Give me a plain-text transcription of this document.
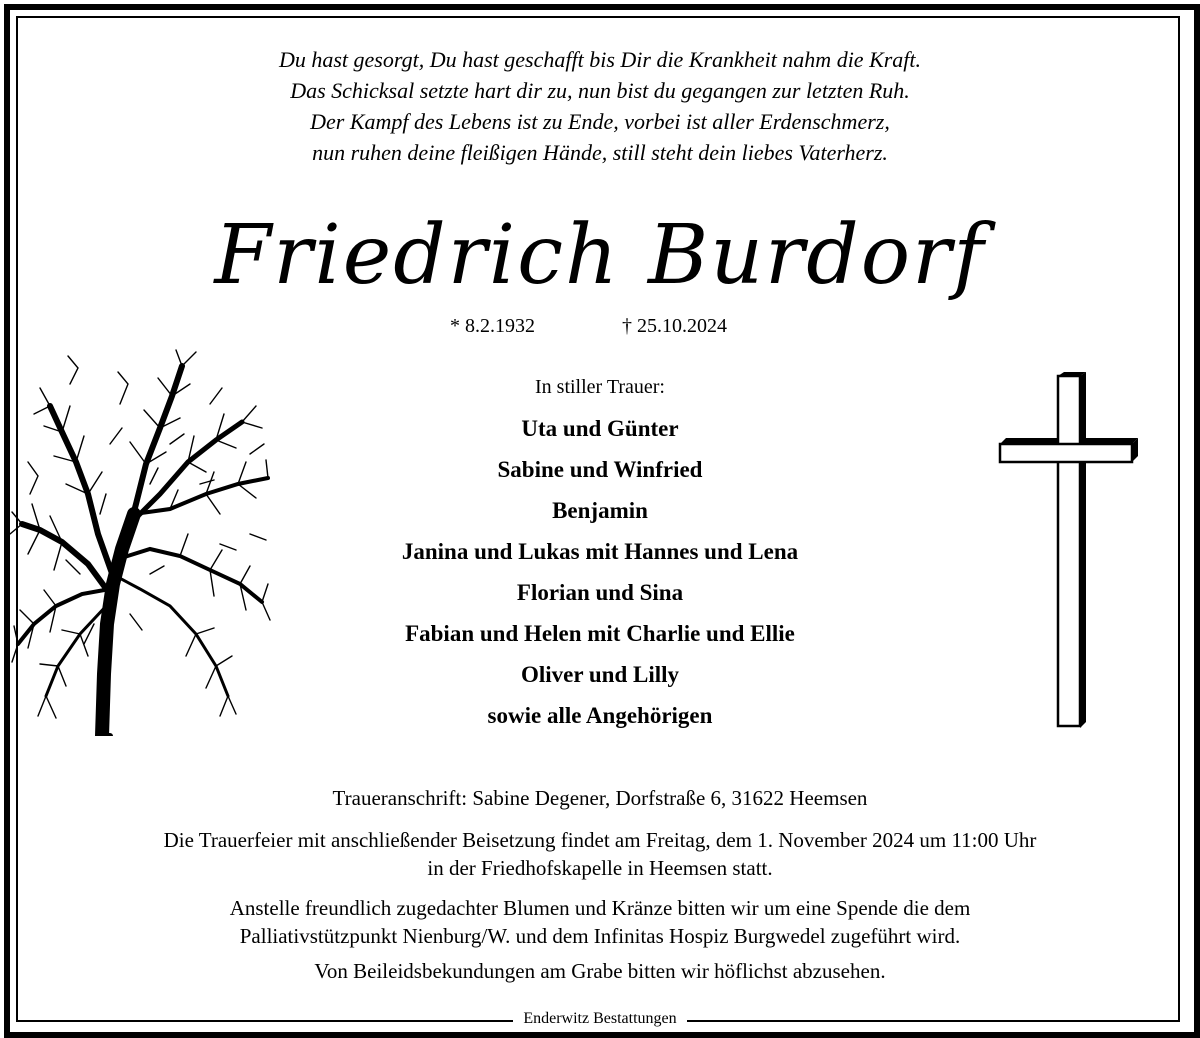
Du hast gesorgt, Du hast geschafft bis Dir die Krankheit nahm die Kraft.
Das Schicksal setzte hart dir zu, nun bist du gegangen zur letzten Ruh.
Der Kampf des Lebens ist zu Ende, vorbei ist aller Erdenschmerz,
nun ruhen deine fleißigen Hände, still steht dein liebes Vaterherz.
Friedrich Burdorf
* 8.2.1932	† 25.10.2024
In stiller Trauer:
Uta und Günter
Sabine und Winfried
Benjamin
Janina und Lukas mit Hannes und Lena
Florian und Sina
Fabian und Helen mit Charlie und Ellie
Oliver und Lilly
sowie alle Angehörigen
Traueranschrift: Sabine Degener, Dorfstraße 6, 31622 Heemsen
Die Trauerfeier mit anschließender Beisetzung findet am Freitag, dem 1. November 2024 um 11:00 Uhr
in der Friedhofskapelle in Heemsen statt.
Anstelle freundlich zugedachter Blumen und Kränze bitten wir um eine Spende die dem
Palliativstützpunkt Nienburg/W. und dem Infinitas Hospiz Burgwedel zugeführt wird.
Von Beileidsbekundungen am Grabe bitten wir höflichst abzusehen.
Enderwitz Bestattungen
